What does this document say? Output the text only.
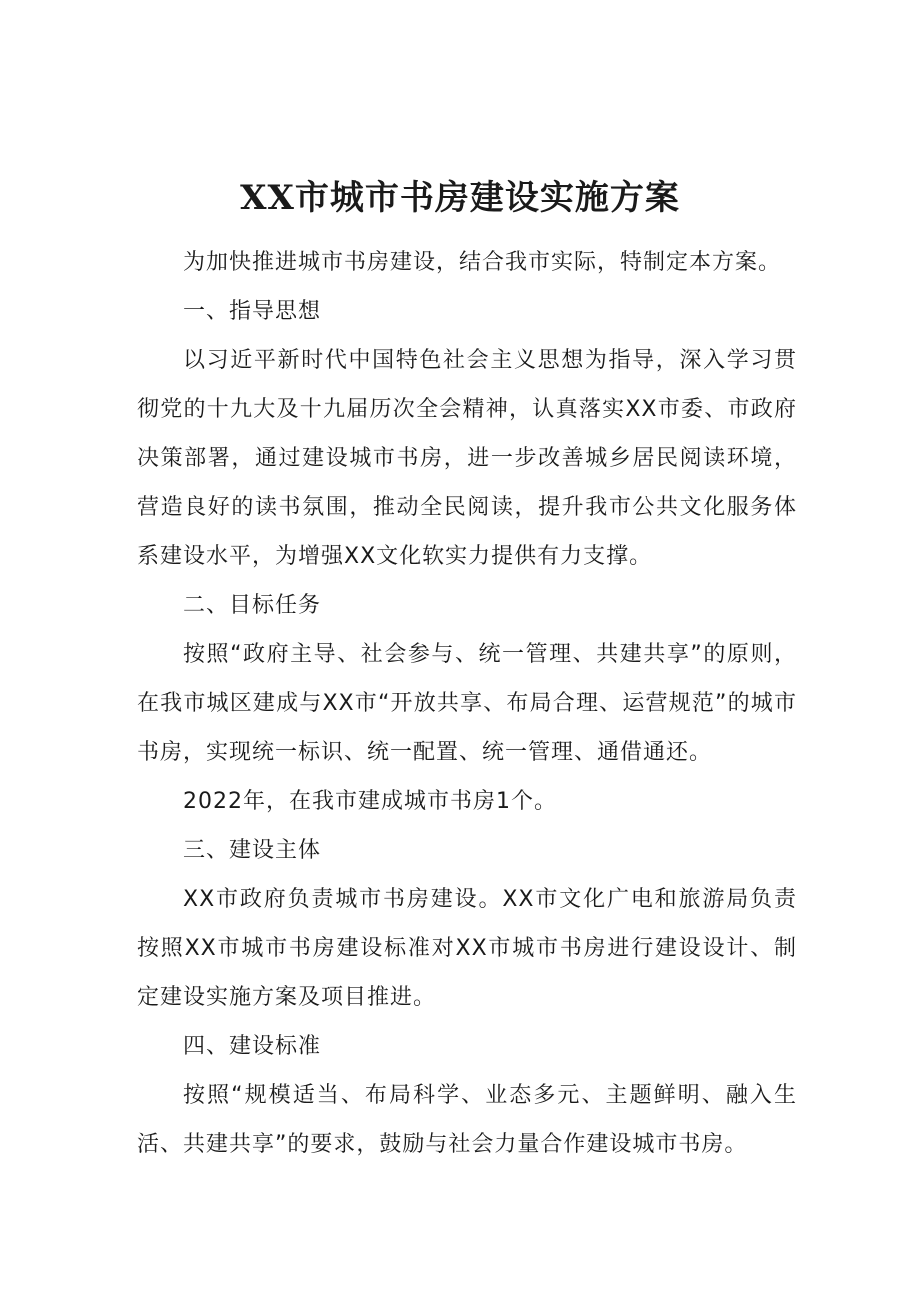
XX市城市书房建设实施方案

为加快推进城市书房建设，结合我市实际，特制定本方案。

一、指导思想

以习近平新时代中国特色社会主义思想为指导，深入学习贯彻党的十九大及十九届历次全会精神，认真落实XX市委、市政府决策部署，通过建设城市书房，进一步改善城乡居民阅读环境，营造良好的读书氛围，推动全民阅读，提升我市公共文化服务体系建设水平，为增强XX文化软实力提供有力支撑。

二、目标任务

按照“政府主导、社会参与、统一管理、共建共享”的原则，在我市城区建成与XX市“开放共享、布局合理、运营规范”的城市书房，实现统一标识、统一配置、统一管理、通借通还。

2022年，在我市建成城市书房1个。

三、建设主体

XX市政府负责城市书房建设。XX市文化广电和旅游局负责按照XX市城市书房建设标准对XX市城市书房进行建设设计、制定建设实施方案及项目推进。

四、建设标准

按照“规模适当、布局科学、业态多元、主题鲜明、融入生活、共建共享”的要求，鼓励与社会力量合作建设城市书房。
